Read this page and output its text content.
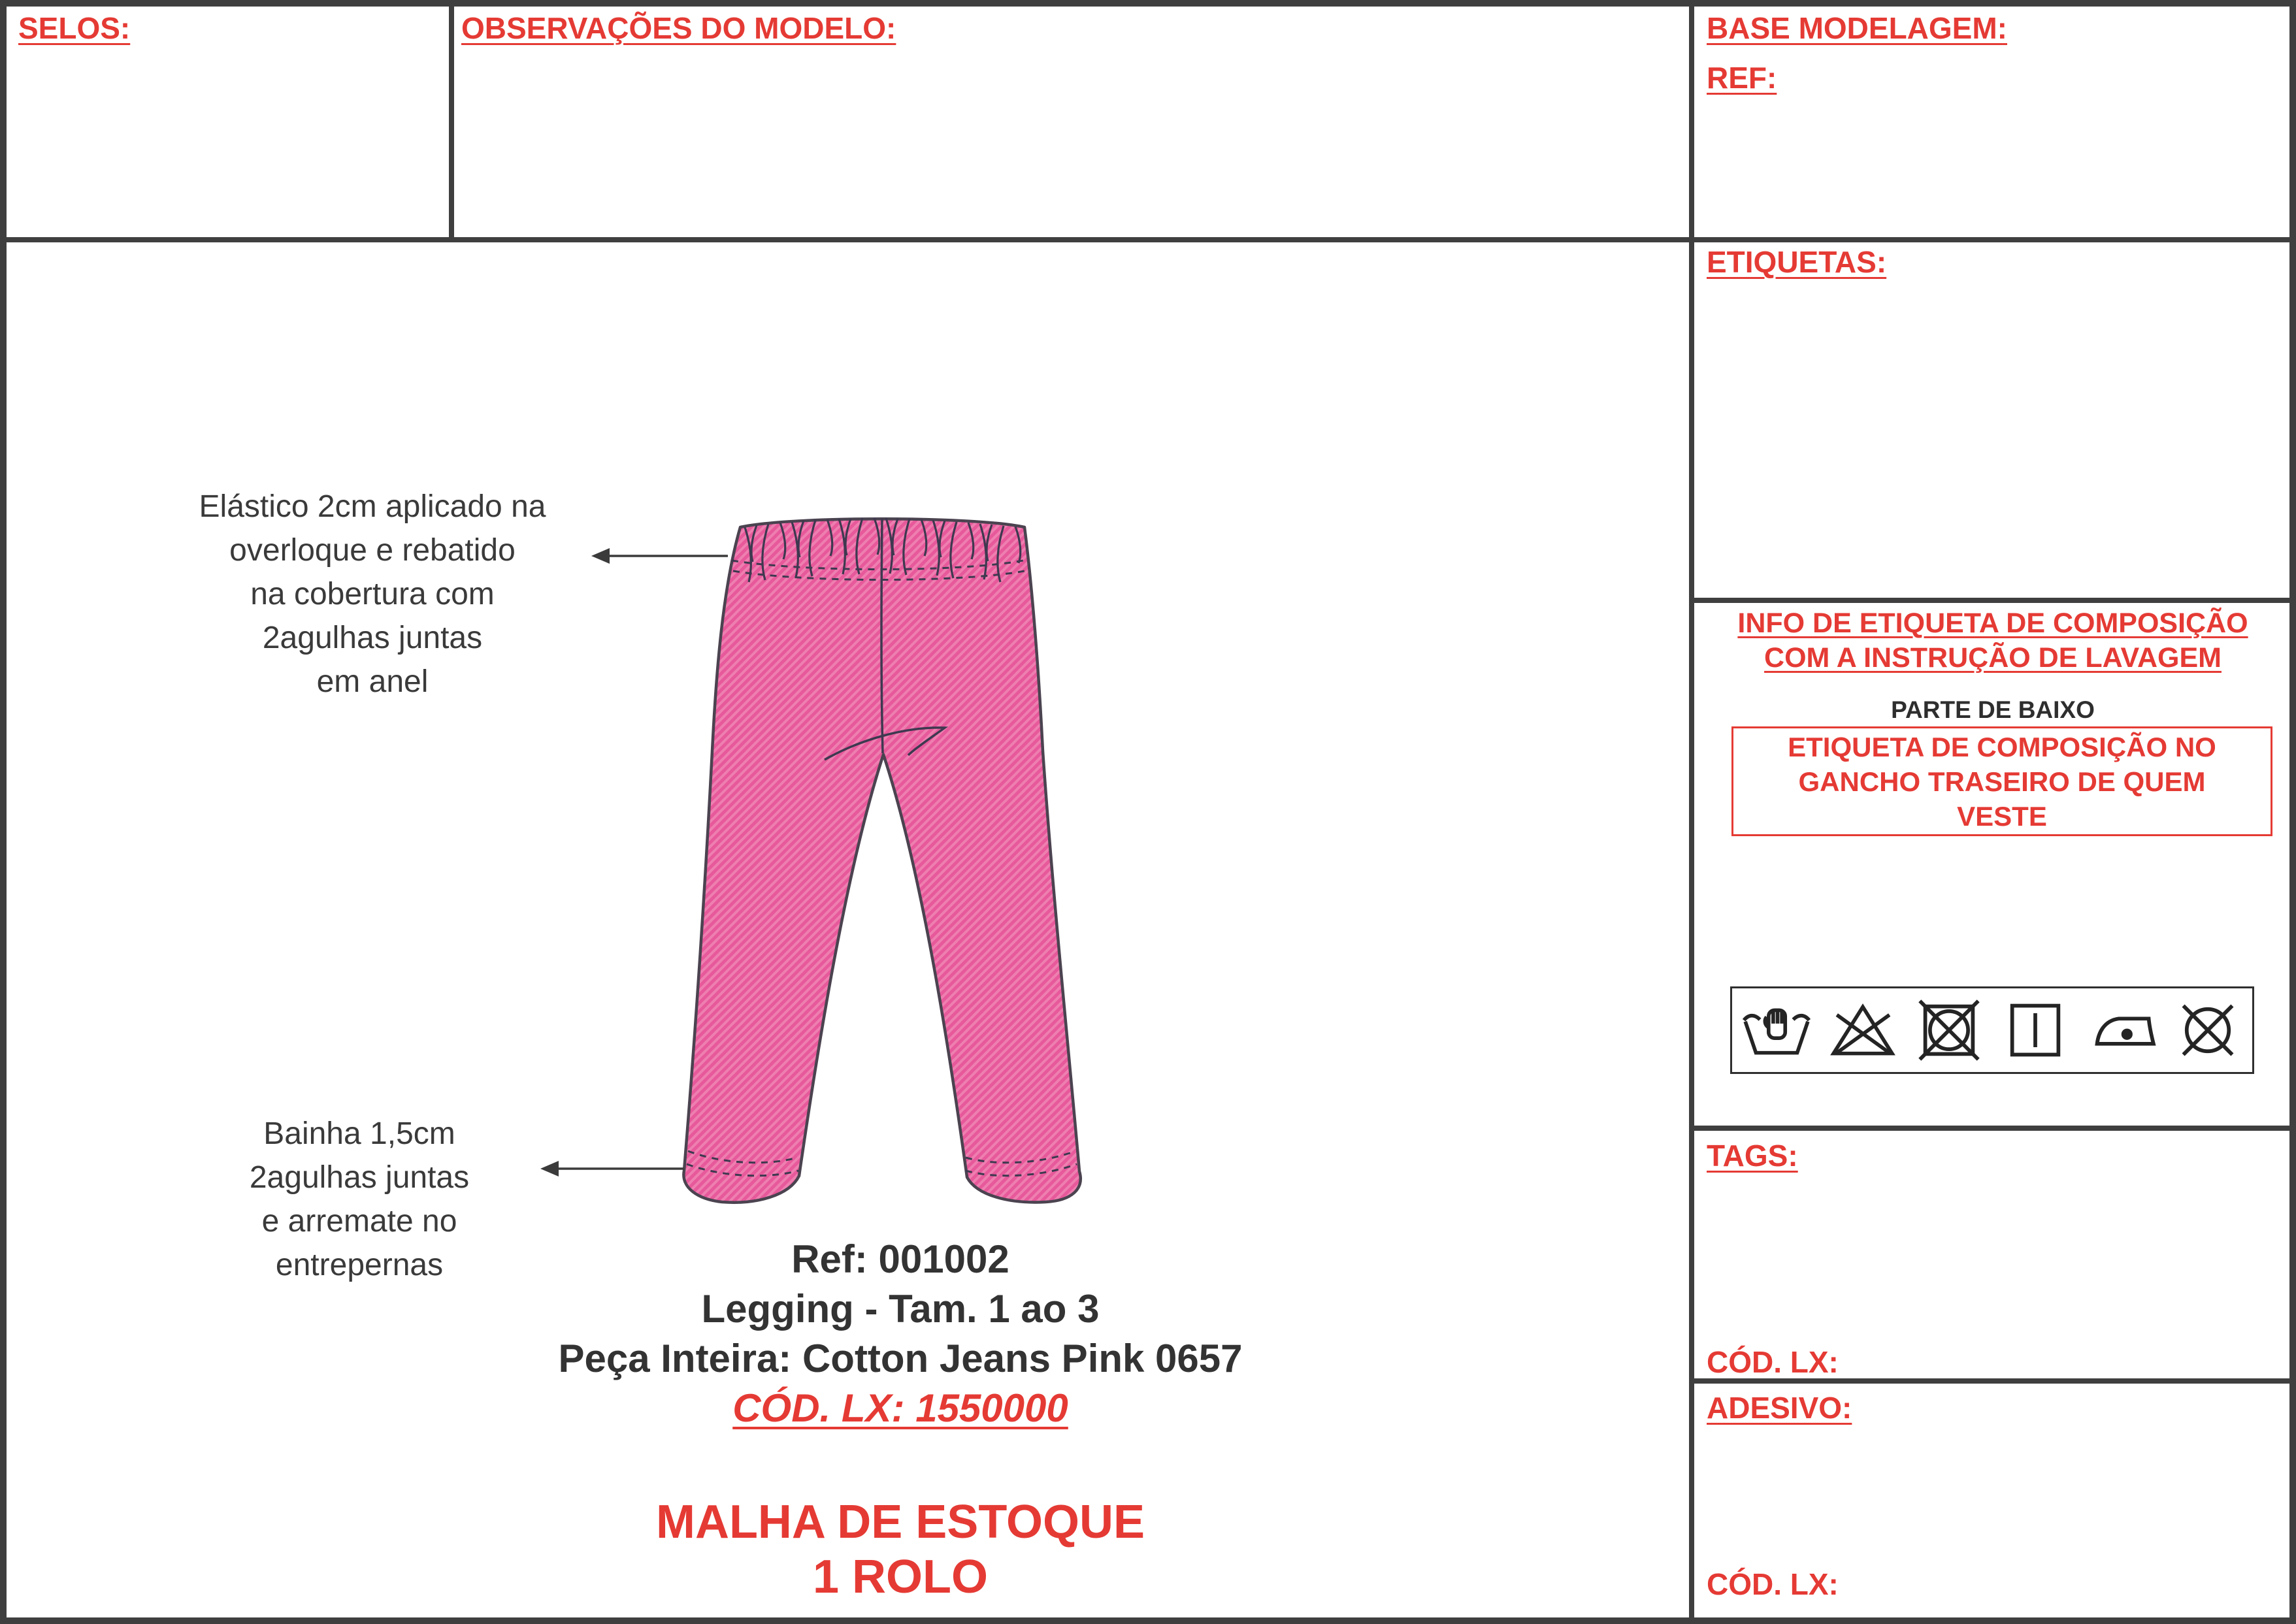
SELOS:	OBSERVAÇÕES DO MODELO:	BASE MODELAGEM:
REF:
ETIQUETAS:
TAGS:
CÓD. LX:
ADESIVO:
CÓD. LX:
INFO DE ETIQUETA DE COMPOSIÇÃO
COM A INSTRUÇÃO DE LAVAGEM
PARTE DE BAIXO
ETIQUETA DE COMPOSIÇÃO NO
GANCHO TRASEIRO DE QUEM
VESTE
Elástico 2cm aplicado na
overloque e rebatido
na cobertura com
2agulhas juntas
em anel
Bainha 1,5cm
2agulhas juntas
e arremate no
entrepernas	Ref: 001002
Legging - Tam. 1 ao 3
Peça Inteira: Cotton Jeans Pink 0657
CÓD. LX: 1550000
MALHA DE ESTOQUE
1 ROLO
